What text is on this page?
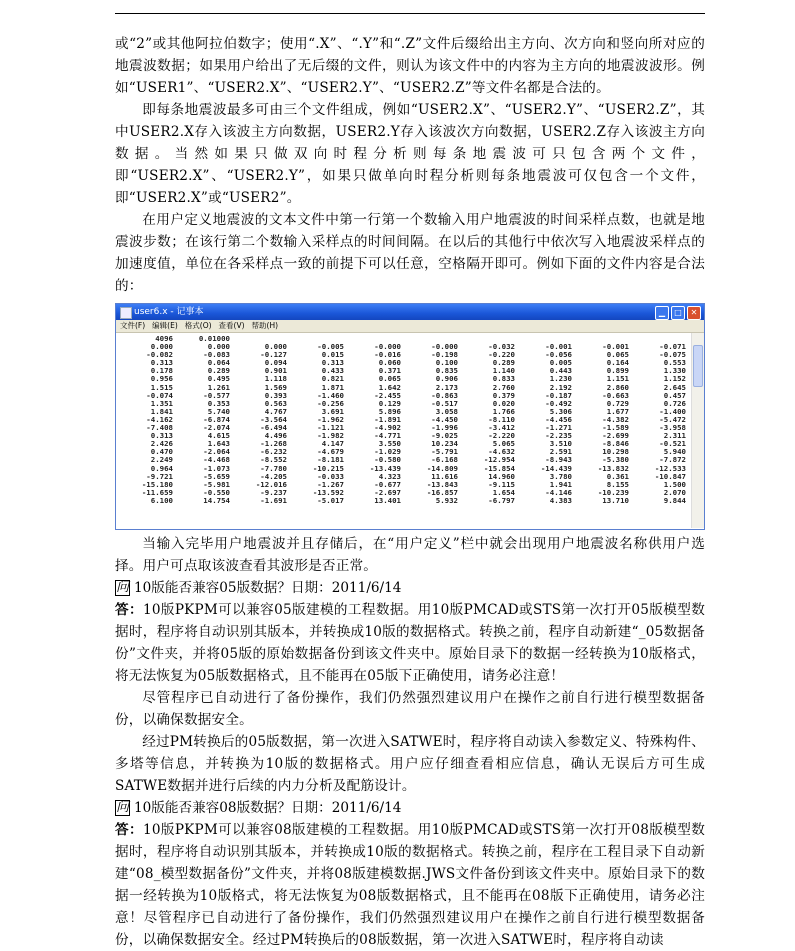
或“2”或其他阿拉伯数字；使用“.X”、“.Y”和“.Z”文件后缀给出主方向、次方向和竖向所对应的地震波数据；如果用户给出了无后缀的文件，则认为该文件中的内容为主方向的地震波波形。例如“USER1”、“USER2.X”、“USER2.Y”、“USER2.Z”等文件名都是合法的。

即每条地震波最多可由三个文件组成，例如“USER2.X”、“USER2.Y”、“USER2.Z”，其中USER2.X存入该波主方向数据，USER2.Y存入该波次方向数据，USER2.Z存入该波主方向数据。当然如果只做双向时程分析则每条地震波可只包含两个文件，即“USER2.X”、“USER2.Y”，如果只做单向时程分析则每条地震波可仅包含一个文件，即“USER2.X”或“USER2”。

在用户定义地震波的文本文件中第一行第一个数输入用户地震波的时间采样点数，也就是地震波步数；在该行第二个数输入采样点的时间间隔。在以后的其他行中依次写入地震波采样点的加速度值，单位在各采样点一致的前提下可以任意，空格隔开即可。例如下面的文件内容是合法的：

user6.x - 记事本	▁	□	✕
文件(F) 编辑(E) 格式(O) 查看(V) 帮助(H)
4096	0.01000
0.000	0.000	0.000	-0.005	-0.000	-0.000	-0.032	-0.001	-0.001	-0.071
-0.082	-0.083	-0.127	0.015	-0.016	-0.198	-0.220	-0.056	0.065	-0.075
0.313	0.064	0.094	0.313	0.060	0.100	0.289	0.005	0.164	0.553
0.178	0.289	0.901	0.433	0.371	0.835	1.140	0.443	0.899	1.330
0.956	0.495	1.118	0.821	0.065	0.906	0.833	1.230	1.151	1.152
1.515	1.261	1.569	1.871	1.642	2.173	2.760	2.192	2.860	2.645
-0.074	-0.577	0.393	-1.460	-2.455	-0.863	0.379	-0.187	-0.663	0.457
1.351	0.353	0.563	-0.256	0.129	-0.517	0.020	-0.492	0.729	0.726
1.841	5.740	4.767	3.691	5.896	3.058	1.766	5.306	1.677	-1.400
-4.162	-6.874	-3.564	-1.962	-1.891	-4.450	-8.110	-4.456	-4.382	-5.472
-7.408	-2.074	-6.494	-1.121	-4.902	-1.996	-3.412	-1.271	-1.589	-3.958
0.313	4.615	4.496	-1.982	-4.771	-9.025	-2.220	-2.235	-2.699	2.311
2.426	1.643	-1.268	4.147	3.550	10.234	5.065	3.510	-8.846	-0.521
0.470	-2.064	-6.232	-4.679	-1.029	-5.791	-4.632	2.591	10.298	5.940
2.249	-4.468	-8.552	-8.181	-0.580	-6.168	-12.954	-8.943	-5.380	-7.872
0.964	-1.073	-7.780	-10.215	-13.439	-14.809	-15.854	-14.439	-13.832	-12.533
-9.721	-5.659	-4.205	-0.033	4.323	11.616	14.960	3.780	0.361	-10.847
-15.180	-5.981	-12.016	-1.267	-0.677	-13.843	-9.115	1.941	8.155	1.500
-11.659	-0.550	-9.237	-13.592	-2.697	-16.857	1.654	-4.146	-10.239	2.070
6.100	14.754	-1.691	-5.017	13.401	5.932	-6.797	4.383	13.710	9.844

当输入完毕用户地震波并且存储后，在“用户定义”栏中就会出现用户地震波名称供用户选择。用户可点取该波查看其波形是否正常。

问 10版能否兼容05版数据？日期：2011/6/14

答：10版PKPM可以兼容05版建模的工程数据。用10版PMCAD或STS第一次打开05版模型数据时，程序将自动识别其版本，并转换成10版的数据格式。转换之前，程序自动新建“_05数据备份”文件夹，并将05版的原始数据备份到该文件夹中。原始目录下的数据一经转换为10版格式，将无法恢复为05版数据格式，且不能再在05版下正确使用，请务必注意！

尽管程序已自动进行了备份操作，我们仍然强烈建议用户在操作之前自行进行模型数据备份，以确保数据安全。

经过PM转换后的05版数据，第一次进入SATWE时，程序将自动读入参数定义、特殊构件、多塔等信息，并转换为10版的数据格式。用户应仔细查看相应信息，确认无误后方可生成SATWE数据并进行后续的内力分析及配筋设计。

问 10版能否兼容08版数据？日期：2011/6/14

答：10版PKPM可以兼容08版建模的工程数据。用10版PMCAD或STS第一次打开08版模型数据时，程序将自动识别其版本，并转换成10版的数据格式。转换之前，程序在工程目录下自动新建“08_模型数据备份”文件夹，并将08版建模数据.JWS文件备份到该文件夹中。原始目录下的数据一经转换为10版格式，将无法恢复为08版数据格式，且不能再在08版下正确使用，请务必注意！尽管程序已自动进行了备份操作，我们仍然强烈建议用户在操作之前自行进行模型数据备份，以确保数据安全。经过PM转换后的08版数据，第一次进入SATWE时，程序将自动读
